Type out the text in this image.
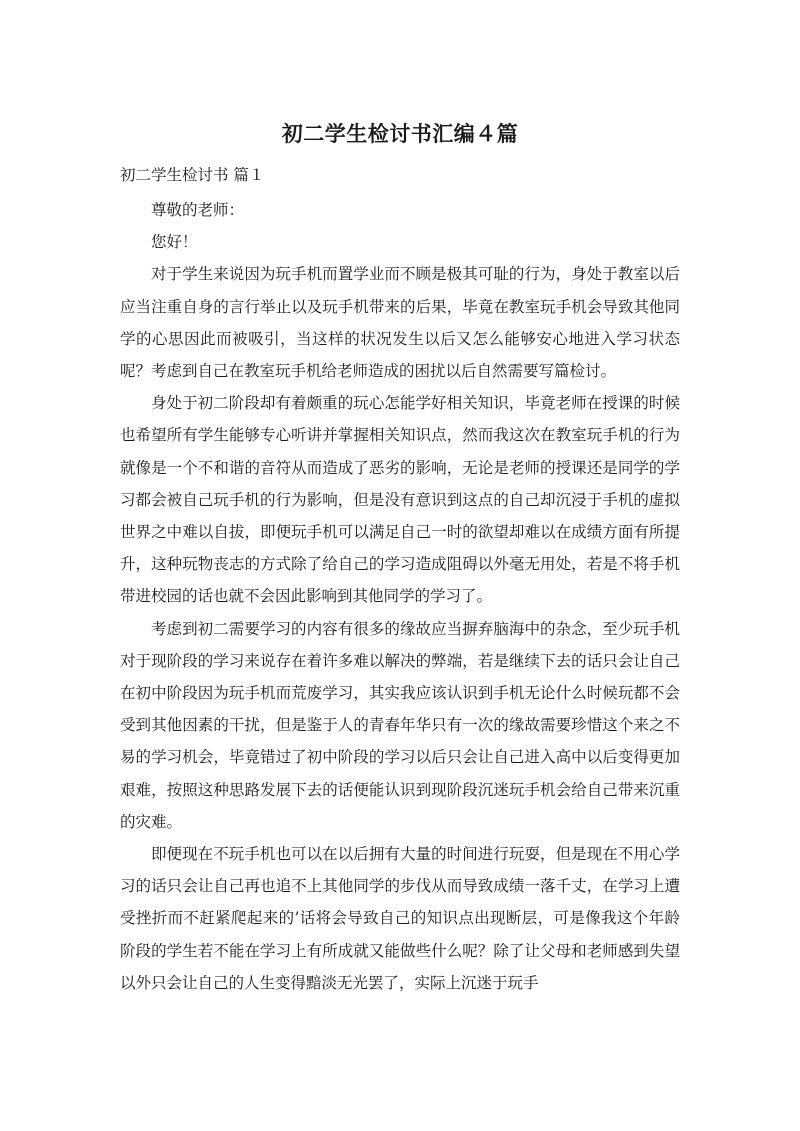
初二学生检讨书汇编４篇
初二学生检讨书 篇１

尊敬的老师：

您好！

对于学生来说因为玩手机而置学业而不顾是极其可耻的行为，身处于教室以后应当注重自身的言行举止以及玩手机带来的后果，毕竟在教室玩手机会导致其他同学的心思因此而被吸引，当这样的状况发生以后又怎么能够安心地进入学习状态呢？考虑到自己在教室玩手机给老师造成的困扰以后自然需要写篇检讨。

身处于初二阶段却有着颇重的玩心怎能学好相关知识，毕竟老师在授课的时候也希望所有学生能够专心听讲并掌握相关知识点，然而我这次在教室玩手机的行为就像是一个不和谐的音符从而造成了恶劣的影响，无论是老师的授课还是同学的学习都会被自己玩手机的行为影响，但是没有意识到这点的自己却沉浸于手机的虚拟世界之中难以自拔，即便玩手机可以满足自己一时的欲望却难以在成绩方面有所提升，这种玩物丧志的方式除了给自己的学习造成阻碍以外毫无用处，若是不将手机带进校园的话也就不会因此影响到其他同学的学习了。

考虑到初二需要学习的内容有很多的缘故应当摒弃脑海中的杂念，至少玩手机对于现阶段的学习来说存在着许多难以解决的弊端，若是继续下去的话只会让自己在初中阶段因为玩手机而荒废学习，其实我应该认识到手机无论什么时候玩都不会受到其他因素的干扰，但是鉴于人的青春年华只有一次的缘故需要珍惜这个来之不易的学习机会，毕竟错过了初中阶段的学习以后只会让自己进入高中以后变得更加艰难，按照这种思路发展下去的话便能认识到现阶段沉迷玩手机会给自己带来沉重的灾难。

即便现在不玩手机也可以在以后拥有大量的时间进行玩耍，但是现在不用心学习的话只会让自己再也追不上其他同学的步伐从而导致成绩一落千丈，在学习上遭受挫折而不赶紧爬起来的’话将会导致自己的知识点出现断层，可是像我这个年龄阶段的学生若不能在学习上有所成就又能做些什么呢？除了让父母和老师感到失望以外只会让自己的人生变得黯淡无光罢了，实际上沉迷于玩手
